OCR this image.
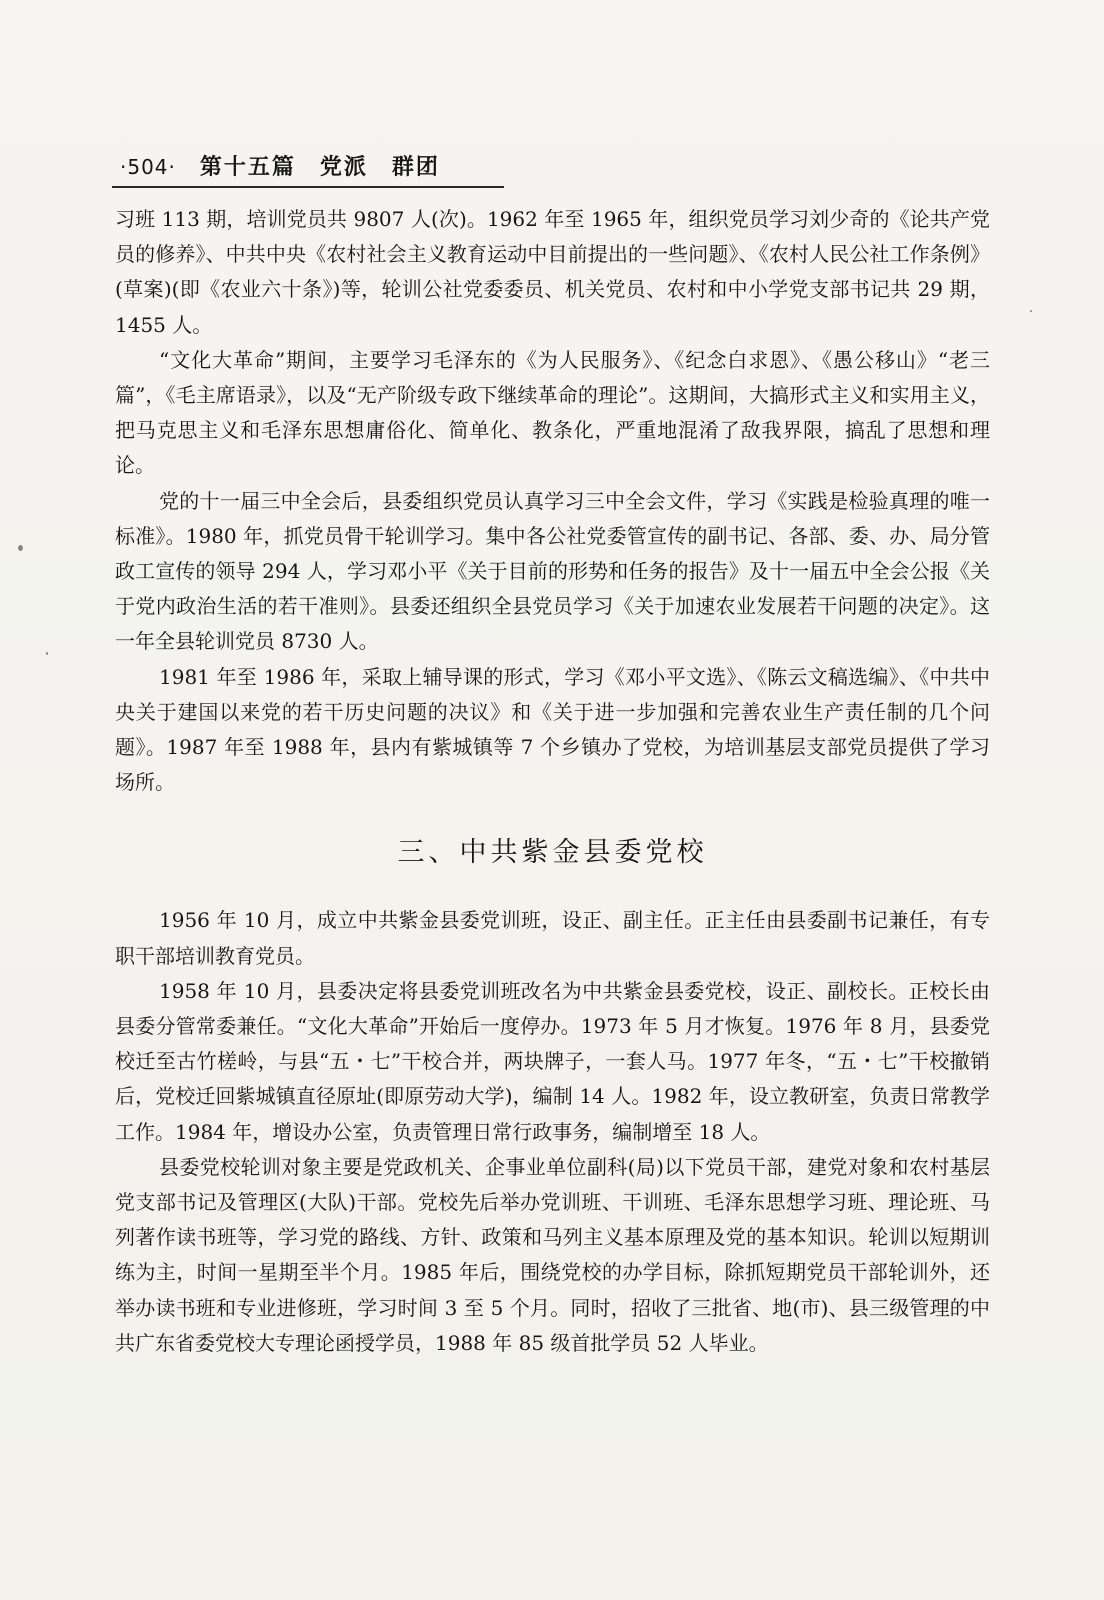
·504· 第十五篇　党派　群团

习班 113 期，培训党员共 9807 人(次)。1962 年至 1965 年，组织党员学习刘少奇的《论共产党员的修养》、中共中央《农村社会主义教育运动中目前提出的一些问题》、《农村人民公社工作条例》(草案)(即《农业六十条》)等，轮训公社党委委员、机关党员、农村和中小学党支部书记共 29 期，1455 人。

“文化大革命”期间，主要学习毛泽东的《为人民服务》、《纪念白求恩》、《愚公移山》“老三篇”，《毛主席语录》，以及“无产阶级专政下继续革命的理论”。这期间，大搞形式主义和实用主义，把马克思主义和毛泽东思想庸俗化、简单化、教条化，严重地混淆了敌我界限，搞乱了思想和理论。

党的十一届三中全会后，县委组织党员认真学习三中全会文件，学习《实践是检验真理的唯一标准》。1980 年，抓党员骨干轮训学习。集中各公社党委管宣传的副书记、各部、委、办、局分管政工宣传的领导 294 人，学习邓小平《关于目前的形势和任务的报告》及十一届五中全会公报《关于党内政治生活的若干准则》。县委还组织全县党员学习《关于加速农业发展若干问题的决定》。这一年全县轮训党员 8730 人。

1981 年至 1986 年，采取上辅导课的形式，学习《邓小平文选》、《陈云文稿选编》、《中共中央关于建国以来党的若干历史问题的决议》和《关于进一步加强和完善农业生产责任制的几个问题》。1987 年至 1988 年，县内有紫城镇等 7 个乡镇办了党校，为培训基层支部党员提供了学习场所。

三、中共紫金县委党校

1956 年 10 月，成立中共紫金县委党训班，设正、副主任。正主任由县委副书记兼任，有专职干部培训教育党员。

1958 年 10 月，县委决定将县委党训班改名为中共紫金县委党校，设正、副校长。正校长由县委分管常委兼任。“文化大革命”开始后一度停办。1973 年 5 月才恢复。1976 年 8 月，县委党校迁至古竹槎岭，与县“五・七”干校合并，两块牌子，一套人马。1977 年冬，“五・七”干校撤销后，党校迁回紫城镇直径原址(即原劳动大学)，编制 14 人。1982 年，设立教研室，负责日常教学工作。1984 年，增设办公室，负责管理日常行政事务，编制增至 18 人。

县委党校轮训对象主要是党政机关、企事业单位副科(局)以下党员干部，建党对象和农村基层党支部书记及管理区(大队)干部。党校先后举办党训班、干训班、毛泽东思想学习班、理论班、马列著作读书班等，学习党的路线、方针、政策和马列主义基本原理及党的基本知识。轮训以短期训练为主，时间一星期至半个月。1985 年后，围绕党校的办学目标，除抓短期党员干部轮训外，还举办读书班和专业进修班，学习时间 3 至 5 个月。同时，招收了三批省、地(市)、县三级管理的中共广东省委党校大专理论函授学员，1988 年 85 级首批学员 52 人毕业。
